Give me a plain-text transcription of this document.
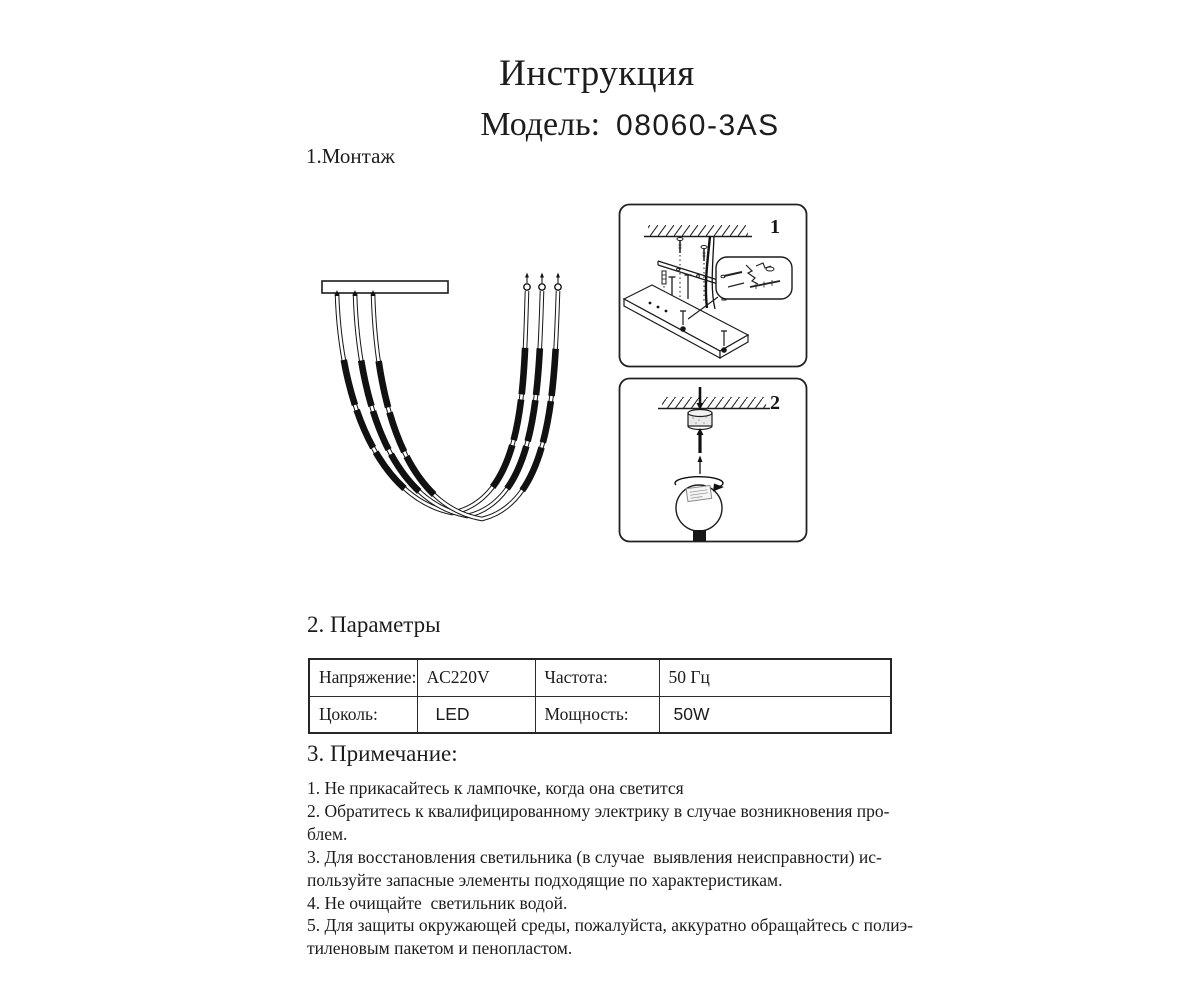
Инструкция
Модель: 08060-3AS
1.Монтаж
1
2
2. Параметры
Напряжение:	AC220V	Частота:	50 Гц
Цоколь:	LED	Мощность:	50W
3. Примечание:
1. Не прикасайтесь к лампочке, когда она светится
2. Обратитесь к квалифицированному электрику в случае возникновения про-
блем.
3. Для восстановления светильника (в случае  выявления неисправности) ис-
пользуйте запасные элементы подходящие по характеристикам.
4. Не очищайте  светильник водой.
5. Для защиты окружающей среды, пожалуйста, аккуратно обращайтесь с полиэ-
тиленовым пакетом и пенопластом.
